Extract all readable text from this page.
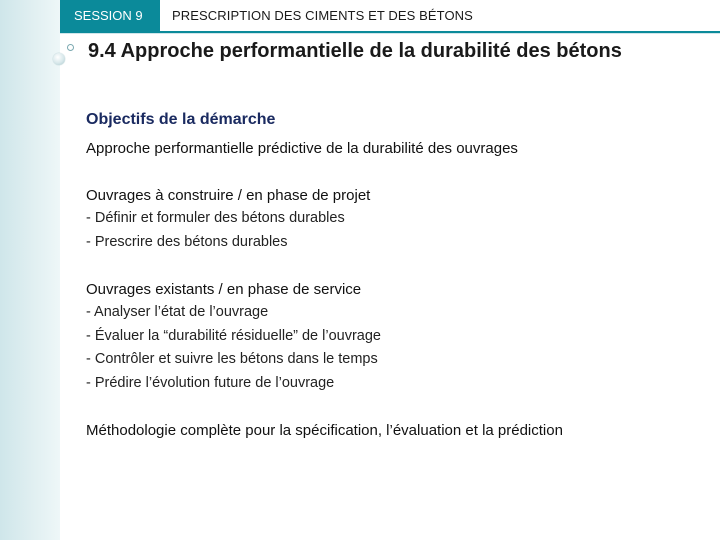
SESSION 9	PRESCRIPTION DES CIMENTS ET DES BÉTONS
9.4 Approche performantielle de la durabilité des bétons

Objectifs de la démarche

Approche performantielle prédictive de la durabilité des ouvrages

Ouvrages à construire / en phase de projet

- Définir et formuler des bétons durables

- Prescrire des bétons durables

Ouvrages existants / en phase de service

- Analyser l’état de l’ouvrage

- Évaluer la “durabilité résiduelle” de l’ouvrage

- Contrôler et suivre les bétons dans le temps

- Prédire l’évolution future de l’ouvrage

Méthodologie complète pour la spécification, l’évaluation et la prédiction
